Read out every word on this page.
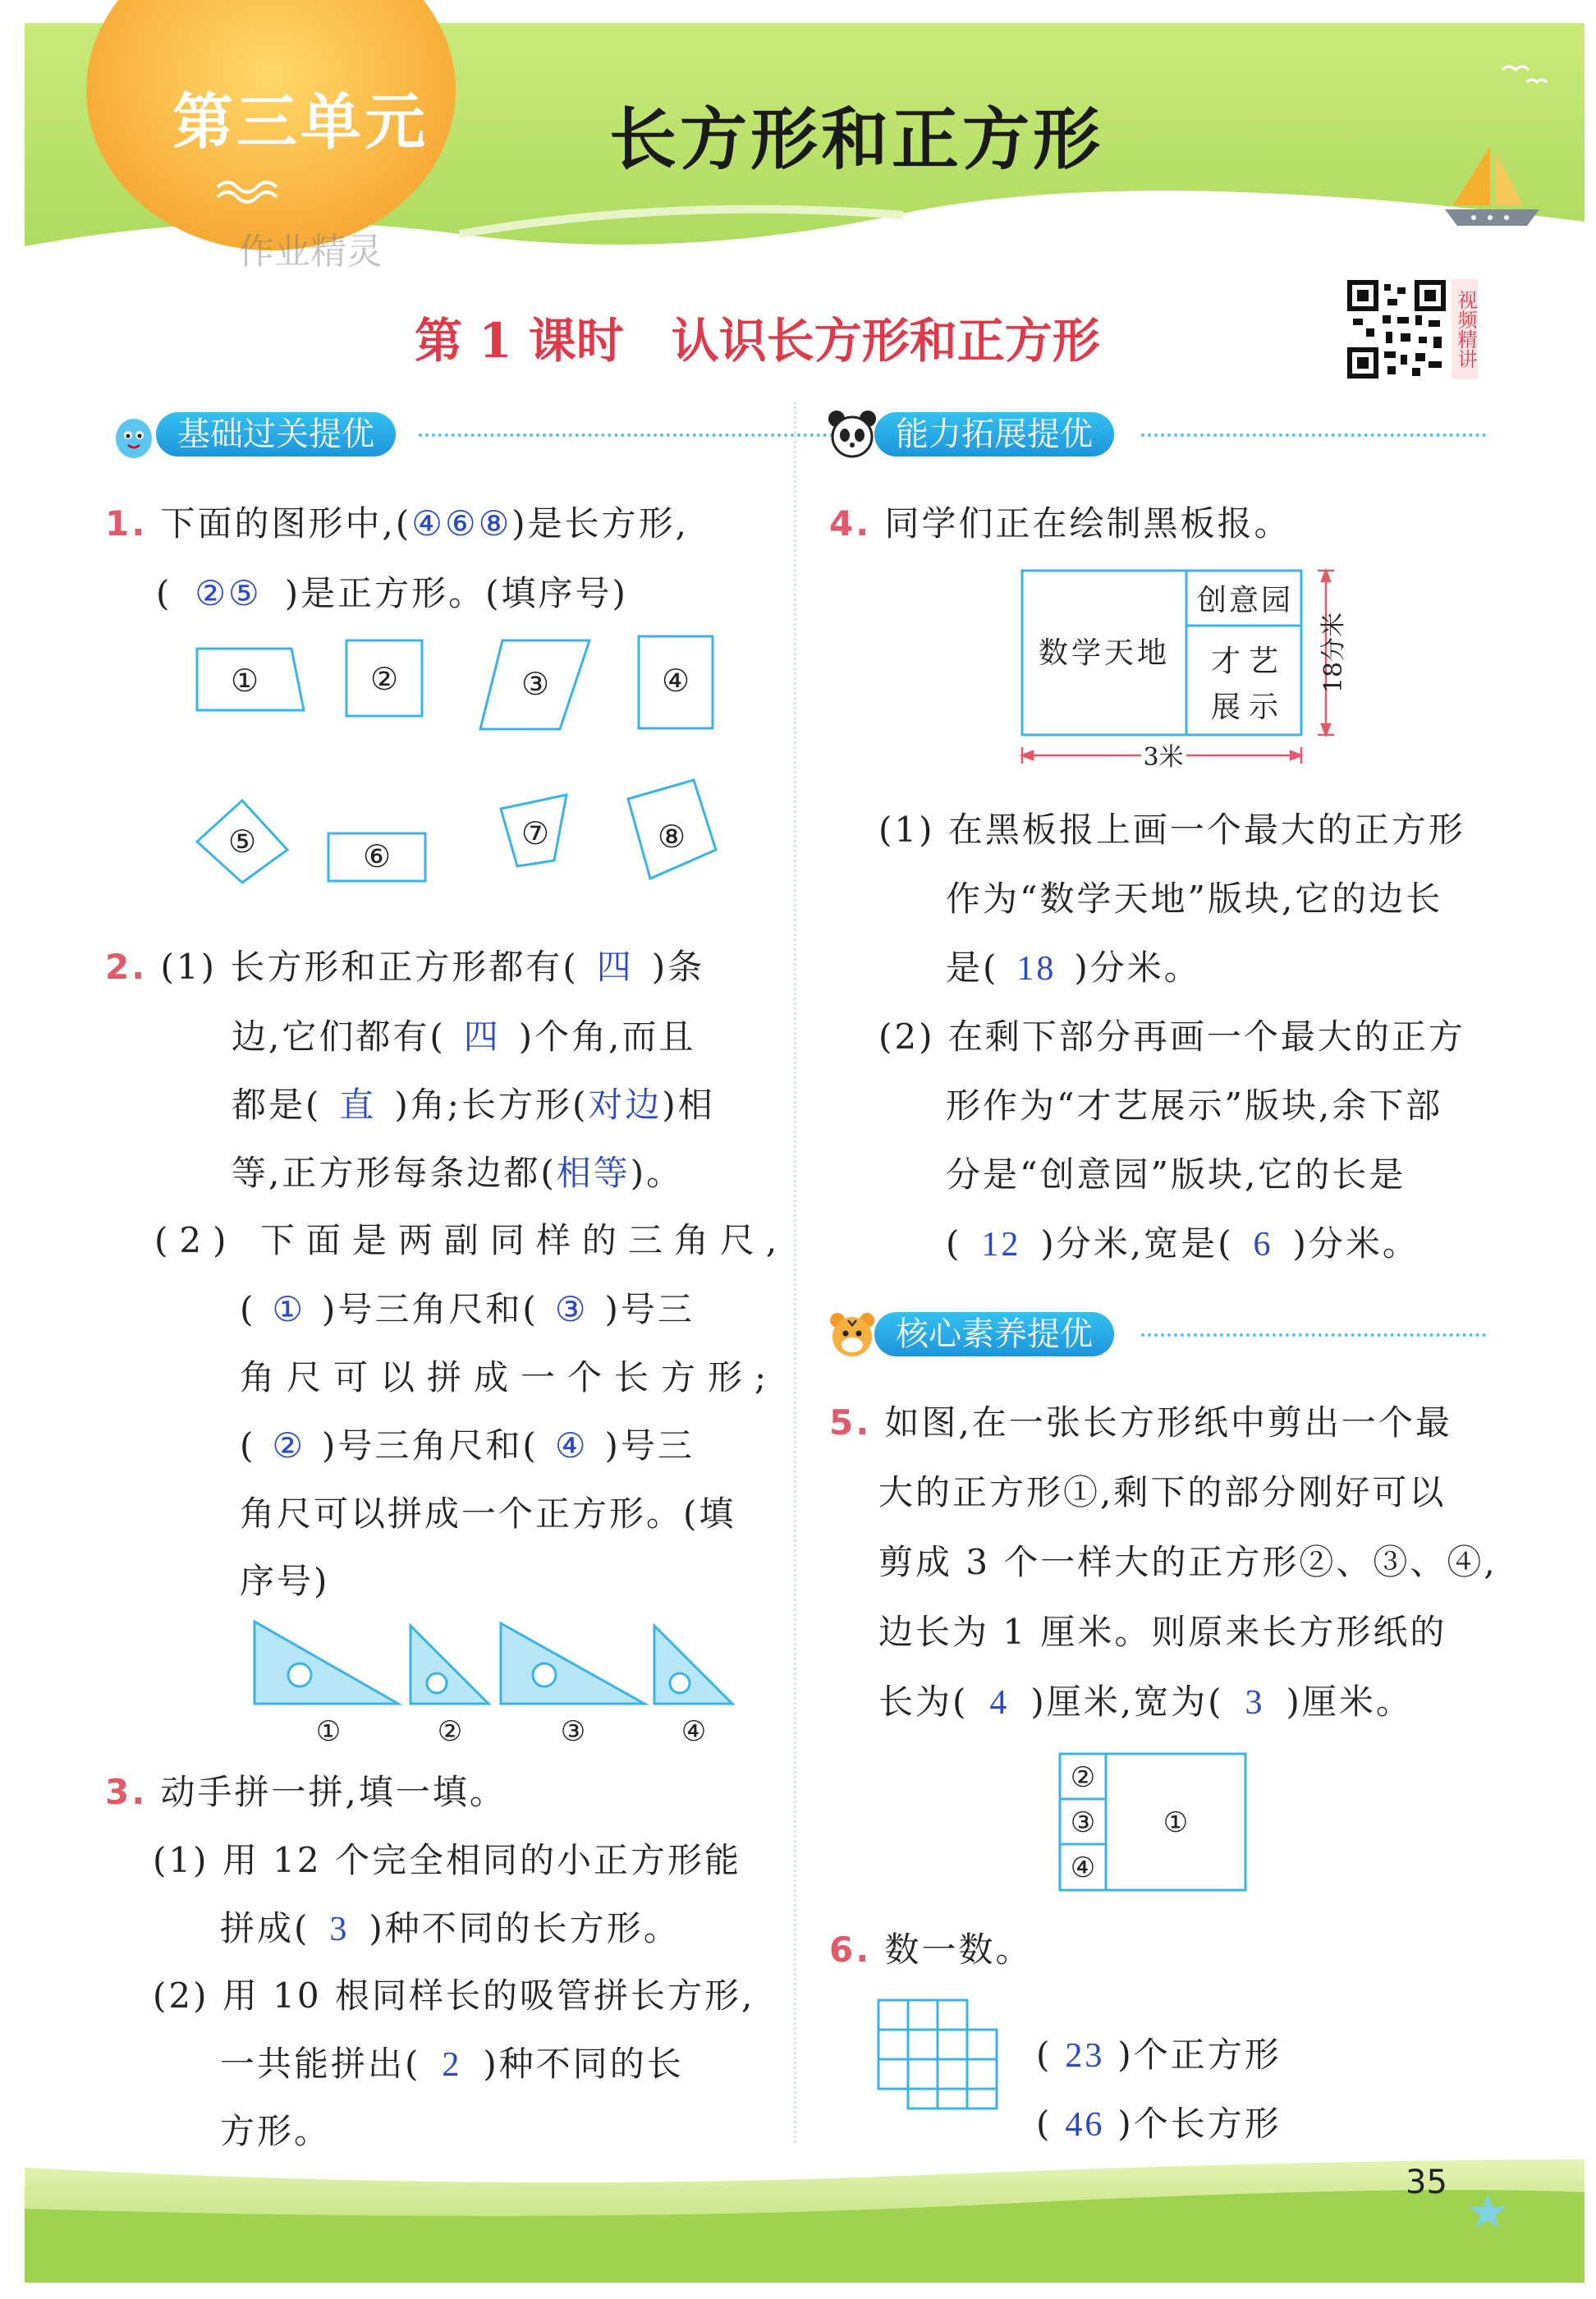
第三单元	长方形和正方形
作业精灵
第 1 课时　认识长方形和正方形	视频精讲
基础过关提优
1. 下面的图形中,(④⑥⑧)是长方形,
( ②⑤ )是正方形。(填序号)
①	②	③	④
⑤	⑥
⑦	⑧
2. (1) 长方形和正方形都有( 四 )条
边,它们都有( 四 )个角,而且
都是( 直 )角;长方形(对边)相
等,正方形每条边都(相等)。
(2) 下面是两副同样的三角尺,
( ① )号三角尺和( ③ )号三
角尺可以拼成一个长方形;
( ② )号三角尺和( ④ )号三
角尺可以拼成一个正方形。(填
序号)
①	②	③	④
3. 动手拼一拼,填一填。
(1) 用 12 个完全相同的小正方形能
拼成( 3 )种不同的长方形。
(2) 用 10 根同样长的吸管拼长方形,
一共能拼出( 2 )种不同的长
方形。
能力拓展提优
4. 同学们正在绘制黑板报。
数学天地
创意园
才艺
展示
18分米
3米
(1) 在黑板报上画一个最大的正方形
作为“数学天地”版块,它的边长
是( 18 )分米。
(2) 在剩下部分再画一个最大的正方
形作为“才艺展示”版块,余下部
分是“创意园”版块,它的长是
( 12 )分米,宽是( 6 )分米。
核心素养提优
5. 如图,在一张长方形纸中剪出一个最
大的正方形①,剩下的部分刚好可以
剪成 3 个一样大的正方形②、③、④,
边长为 1 厘米。则原来长方形纸的
长为( 4 )厘米,宽为( 3 )厘米。
②
③
④
①
6. 数一数。
( 23 )个正方形
( 46 )个长方形
35
